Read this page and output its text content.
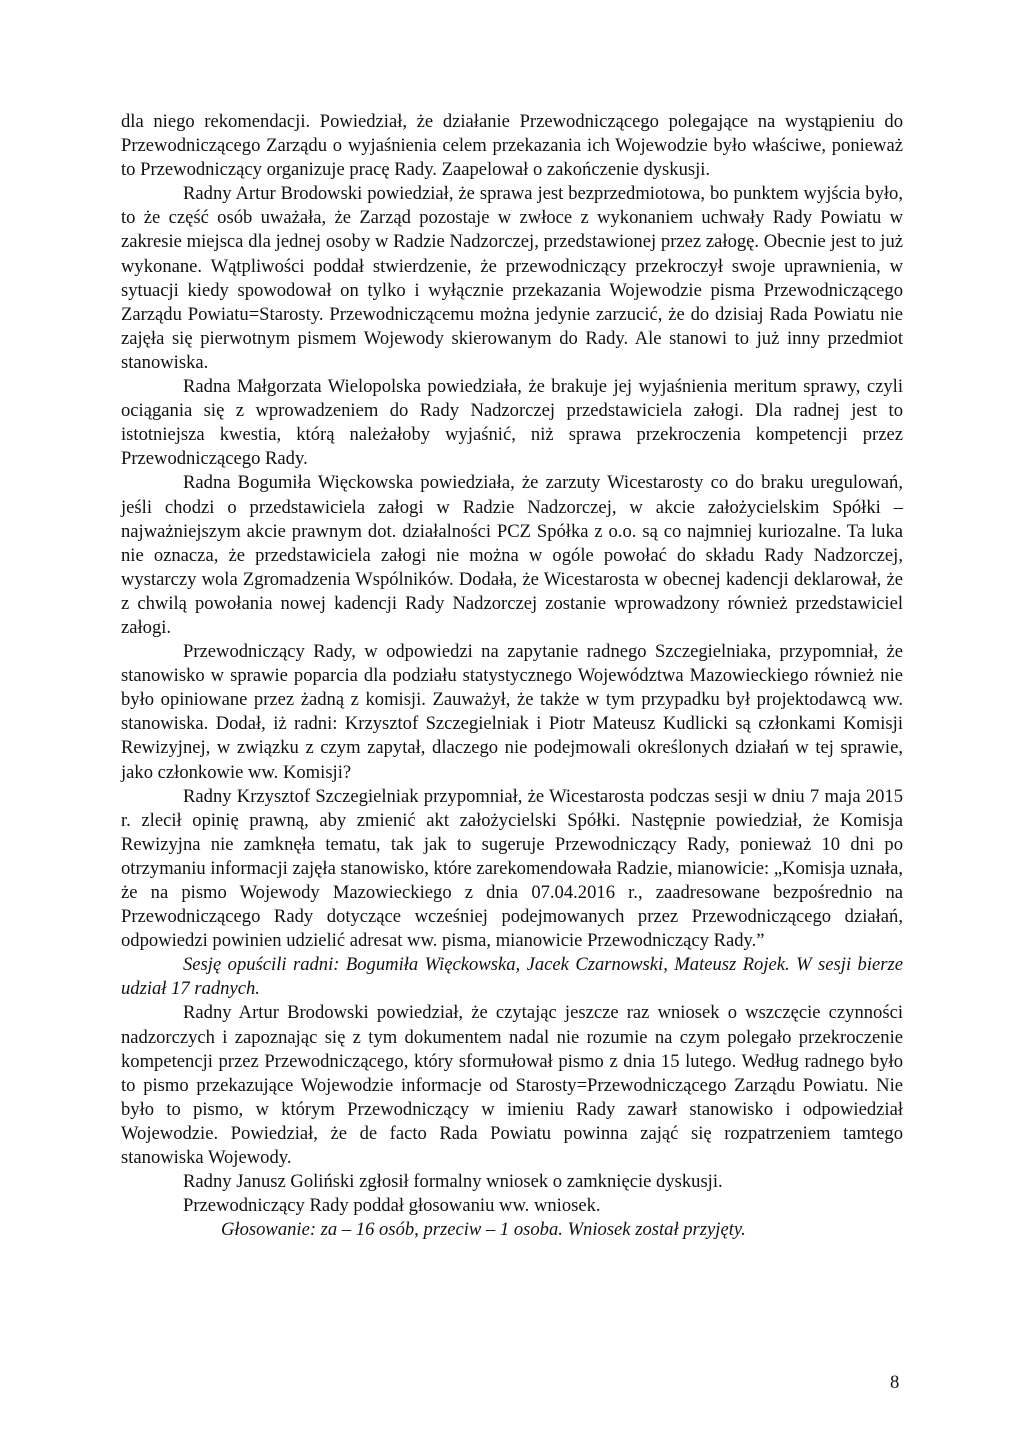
dla niego rekomendacji. Powiedział, że działanie Przewodniczącego polegające na wystąpieniu do Przewodniczącego Zarządu o wyjaśnienia celem przekazania ich Wojewodzie było właściwe, ponieważ to Przewodniczący organizuje pracę Rady. Zaapelował o zakończenie dyskusji.

Radny Artur Brodowski powiedział, że sprawa jest bezprzedmiotowa, bo punktem wyjścia było, to że część osób uważała, że Zarząd pozostaje w zwłoce z wykonaniem uchwały Rady Powiatu w zakresie miejsca dla jednej osoby w Radzie Nadzorczej, przedstawionej przez załogę. Obecnie jest to już wykonane. Wątpliwości poddał stwierdzenie, że przewodniczący przekroczył swoje uprawnienia, w sytuacji kiedy spowodował on tylko i wyłącznie przekazania Wojewodzie pisma Przewodniczącego Zarządu Powiatu=Starosty. Przewodniczącemu można jedynie zarzucić, że do dzisiaj Rada Powiatu nie zajęła się pierwotnym pismem Wojewody skierowanym do Rady. Ale stanowi to już inny przedmiot stanowiska.

Radna Małgorzata Wielopolska powiedziała, że brakuje jej wyjaśnienia meritum sprawy, czyli ociągania się z wprowadzeniem do Rady Nadzorczej przedstawiciela załogi. Dla radnej jest to istotniejsza kwestia, którą należałoby wyjaśnić, niż sprawa przekroczenia kompetencji przez Przewodniczącego Rady.

Radna Bogumiła Więckowska powiedziała, że zarzuty Wicestarosty co do braku uregulowań, jeśli chodzi o przedstawiciela załogi w Radzie Nadzorczej, w akcie założycielskim Spółki – najważniejszym akcie prawnym dot. działalności PCZ Spółka z o.o. są co najmniej kuriozalne. Ta luka nie oznacza, że przedstawiciela załogi nie można w ogóle powołać do składu Rady Nadzorczej, wystarczy wola Zgromadzenia Wspólników. Dodała, że Wicestarosta w obecnej kadencji deklarował, że z chwilą powołania nowej kadencji Rady Nadzorczej zostanie wprowadzony również przedstawiciel załogi.

Przewodniczący Rady, w odpowiedzi na zapytanie radnego Szczegielniaka, przypomniał, że stanowisko w sprawie poparcia dla podziału statystycznego Województwa Mazowieckiego również nie było opiniowane przez żadną z komisji. Zauważył, że także w tym przypadku był projektodawcą ww. stanowiska. Dodał, iż radni: Krzysztof Szczegielniak i Piotr Mateusz Kudlicki są członkami Komisji Rewizyjnej, w związku z czym zapytał, dlaczego nie podejmowali określonych działań w tej sprawie, jako członkowie ww. Komisji?

Radny Krzysztof Szczegielniak przypomniał, że Wicestarosta podczas sesji w dniu 7 maja 2015 r. zlecił opinię prawną, aby zmienić akt założycielski Spółki. Następnie powiedział, że Komisja Rewizyjna nie zamknęła tematu, tak jak to sugeruje Przewodniczący Rady, ponieważ 10 dni po otrzymaniu informacji zajęła stanowisko, które zarekomendowała Radzie, mianowicie: „Komisja uznała, że na pismo Wojewody Mazowieckiego z dnia 07.04.2016 r., zaadresowane bezpośrednio na Przewodniczącego Rady dotyczące wcześniej podejmowanych przez Przewodniczącego działań, odpowiedzi powinien udzielić adresat ww. pisma, mianowicie Przewodniczący Rady.”

Sesję opuścili radni: Bogumiła Więckowska, Jacek Czarnowski, Mateusz Rojek. W sesji bierze udział 17 radnych.

Radny Artur Brodowski powiedział, że czytając jeszcze raz wniosek o wszczęcie czynności nadzorczych i zapoznając się z tym dokumentem nadal nie rozumie na czym polegało przekroczenie kompetencji przez Przewodniczącego, który sformułował pismo z dnia 15 lutego. Według radnego było to pismo przekazujące Wojewodzie informacje od Starosty=Przewodniczącego Zarządu Powiatu. Nie było to pismo, w którym Przewodniczący w imieniu Rady zawarł stanowisko i odpowiedział Wojewodzie. Powiedział, że de facto Rada Powiatu powinna zająć się rozpatrzeniem tamtego stanowiska Wojewody.

Radny Janusz Goliński zgłosił formalny wniosek o zamknięcie dyskusji.

Przewodniczący Rady poddał głosowaniu ww. wniosek.

Głosowanie: za – 16 osób, przeciw – 1 osoba. Wniosek został przyjęty.

8
